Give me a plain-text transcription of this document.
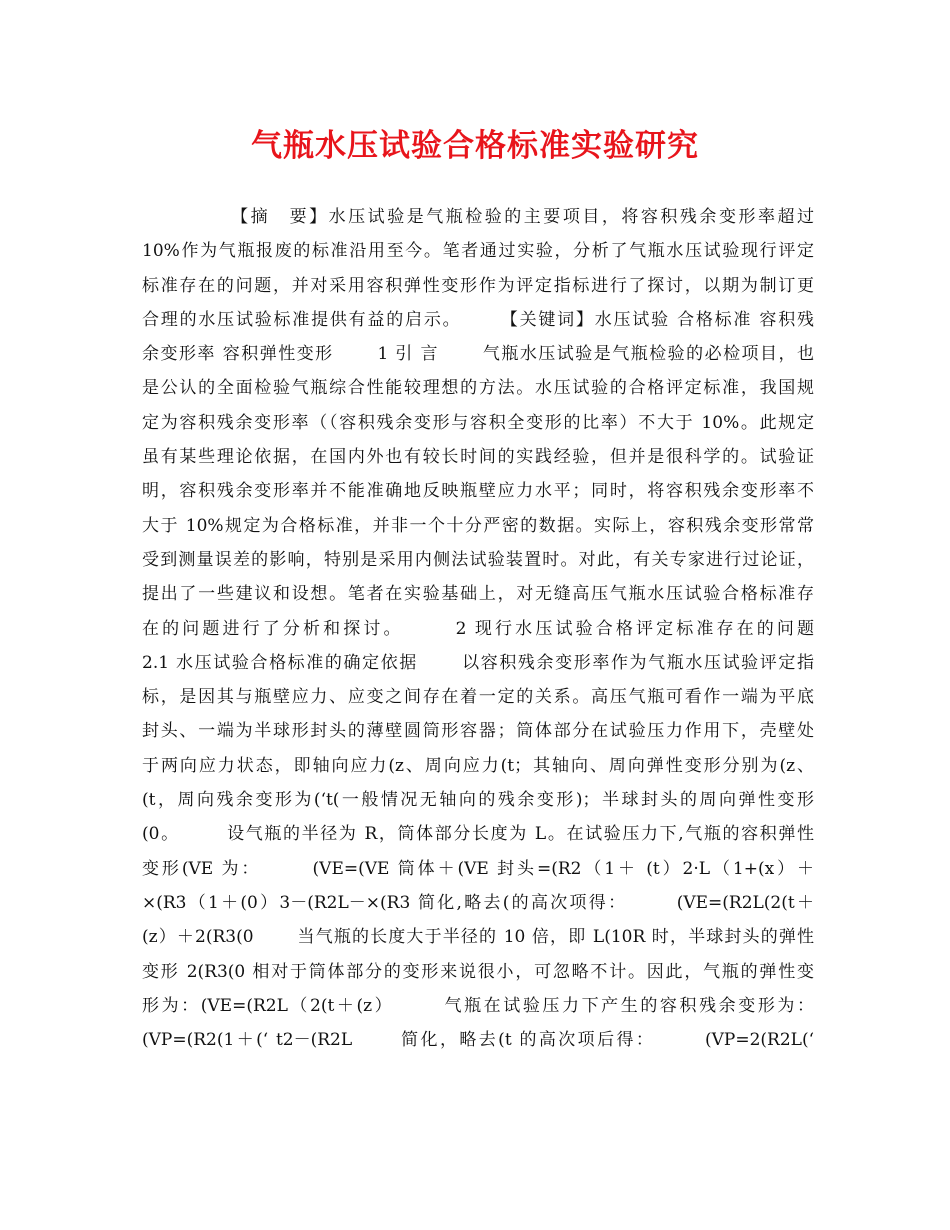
气瓶水压试验合格标准实验研究
　　　　　【摘　要】水压试验是气瓶检验的主要项目，将容积残余变形率超过
10%作为气瓶报废的标准沿用至今。笔者通过实验，分析了气瓶水压试验现行评定
标准存在的问题，并对采用容积弹性变形作为评定指标进行了探讨，以期为制订更
合理的水压试验标准提供有益的启示。　　　【关键词】水压试验 合格标准 容积残
余变形率 容积弹性变形　　 1 引 言　　 气瓶水压试验是气瓶检验的必检项目，也
是公认的全面检验气瓶综合性能较理想的方法。水压试验的合格评定标准，我国规
定为容积残余变形率（（容积残余变形与容积全变形的比率）不大于 10%。此规定
虽有某些理论依据，在国内外也有较长时间的实践经验，但并是很科学的。试验证
明，容积残余变形率并不能准确地反映瓶壁应力水平；同时，将容积残余变形率不
大于 10%规定为合格标准，并非一个十分严密的数据。实际上，容积残余变形常常
受到测量误差的影响，特别是采用内侧法试验装置时。对此，有关专家进行过论证，
提出了一些建议和设想。笔者在实验基础上，对无缝高压气瓶水压试验合格标准存
在的问题进行了分析和探讨。　　　2 现行水压试验合格评定标准存在的问题
2.1 水压试验合格标准的确定依据　　 以容积残余变形率作为气瓶水压试验评定指
标，是因其与瓶壁应力、应变之间存在着一定的关系。高压气瓶可看作一端为平底
封头、一端为半球形封头的薄壁圆筒形容器；筒体部分在试验压力作用下，壳壁处
于两向应力状态，即轴向应力(z、周向应力(t；其轴向、周向弹性变形分别为(z、
(t，周向残余变形为(‘t(一般情况无轴向的残余变形)；半球封头的周向弹性变形
(0。　　　设气瓶的半径为 R，筒体部分长度为 L。在试验压力下,气瓶的容积弹性
变形(VE 为：　　　(VE=(VE 筒体＋(VE 封头=(R2（1＋ (t）2·L（1+(x）＋
×(R3（1＋(0）3－(R2L－×(R3 简化,略去(的高次项得：　　　(VE=(R2L(2(t＋
(z）＋2(R3(0　　 当气瓶的长度大于半径的 10 倍，即 L(10R 时，半球封头的弹性
变形 2(R3(0 相对于筒体部分的变形来说很小，可忽略不计。因此，气瓶的弹性变
形为：(VE=(R2L（2(t＋(z）　　　气瓶在试验压力下产生的容积残余变形为：
(VP=(R2(1＋(‘ t2－(R2L　　 简化，略去(t 的高次项后得：　　　(VP=2(R2L(‘
